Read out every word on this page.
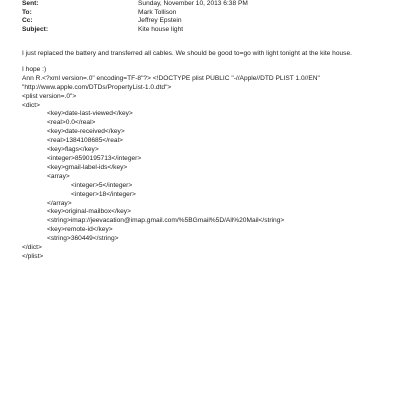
Sent:	Sunday, November 10, 2013 6:38 PM
To:	Mark Tollison
Cc:	Jeffrey Epstein
Subject:	Kite house light

I just replaced the battery and transferred all cables. We should be good to=go with light tonight at the kite house.

I hope :)

Ann R.<?xml version=.0" encoding=TF-8"?> <!DOCTYPE plist PUBLIC "-//Apple//DTD PLIST 1.0//EN"

"http://www.apple.com/DTDs/PropertyList-1.0.dtd">

<plist version=.0">
<dict>
<key>date-last-viewed</key>
<real>0.0</real>
<key>date-received</key>
<real>1384108685</real>
<key>flags</key>
<integer>8590195713</integer>
<key>gmail-label-ids</key>
<array>
<integer>5</integer>
<integer>18</integer>
</array>
<key>original-mailbox</key>
<string>imap://jeevacation@imap.gmail.com/%5BGmail%5D/All%20Mail</string>
<key>remote-id</key>
<string>360449</string>
</dict>
</plist>
